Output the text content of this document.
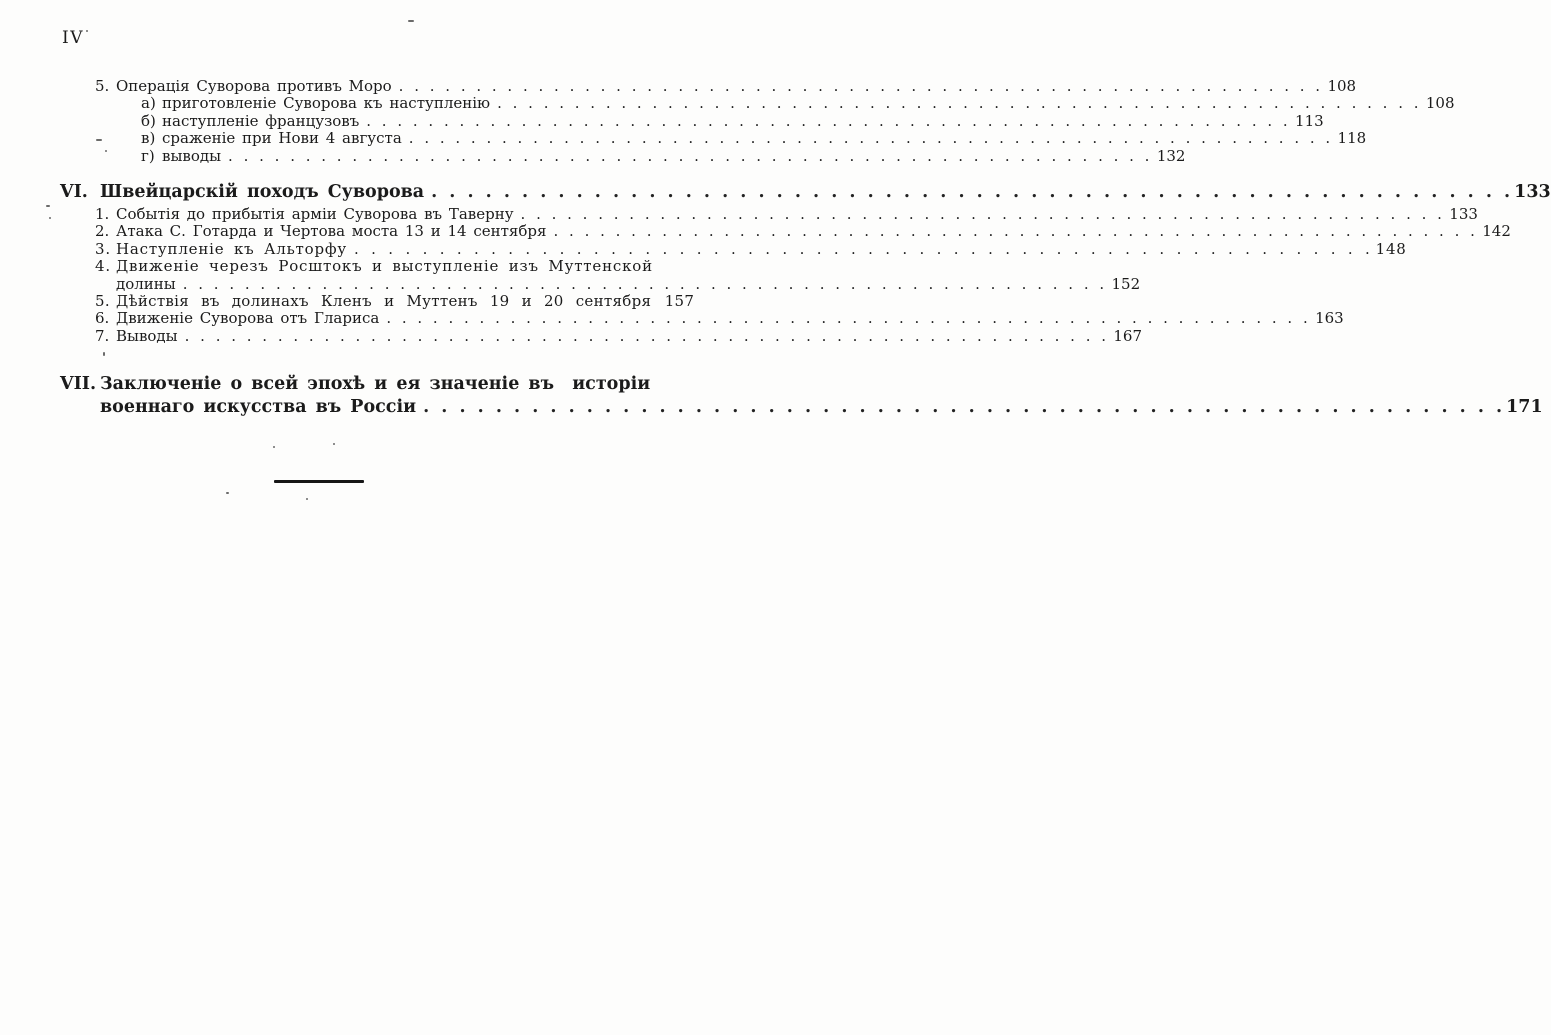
IV
5. Операція Суворова противъ Моро . . .	108
а) приготовленіе Суворова къ наступленію . . .	108
б) наступленіе французовъ . . .	113
в) сраженіе при Нови 4 августа . . .	118
г) выводы . . .	132
VI. Швейцарскій походъ Суворова . . .	133
1. Событія до прибытія арміи Суворова въ Таверну . . .	133
2. Атака С. Готарда и Чертова моста 13 и 14 сентября . . .	142
3. Наступленіе къ Альторфу . . .	148
4. Движеніе черезъ Росштокъ и выступленіе изъ Муттенской
долины . . .	152
5. Дѣйствія въ долинахъ Кленъ и Муттенъ 19 и 20 сентября 157
6. Движеніе Суворова отъ Глариса . . .	163
7. Выводы . . .	167
VII. Заключеніе о всей эпохѣ и ея значеніе въ  исторіи
военнаго искусства въ Россіи . . .	171
